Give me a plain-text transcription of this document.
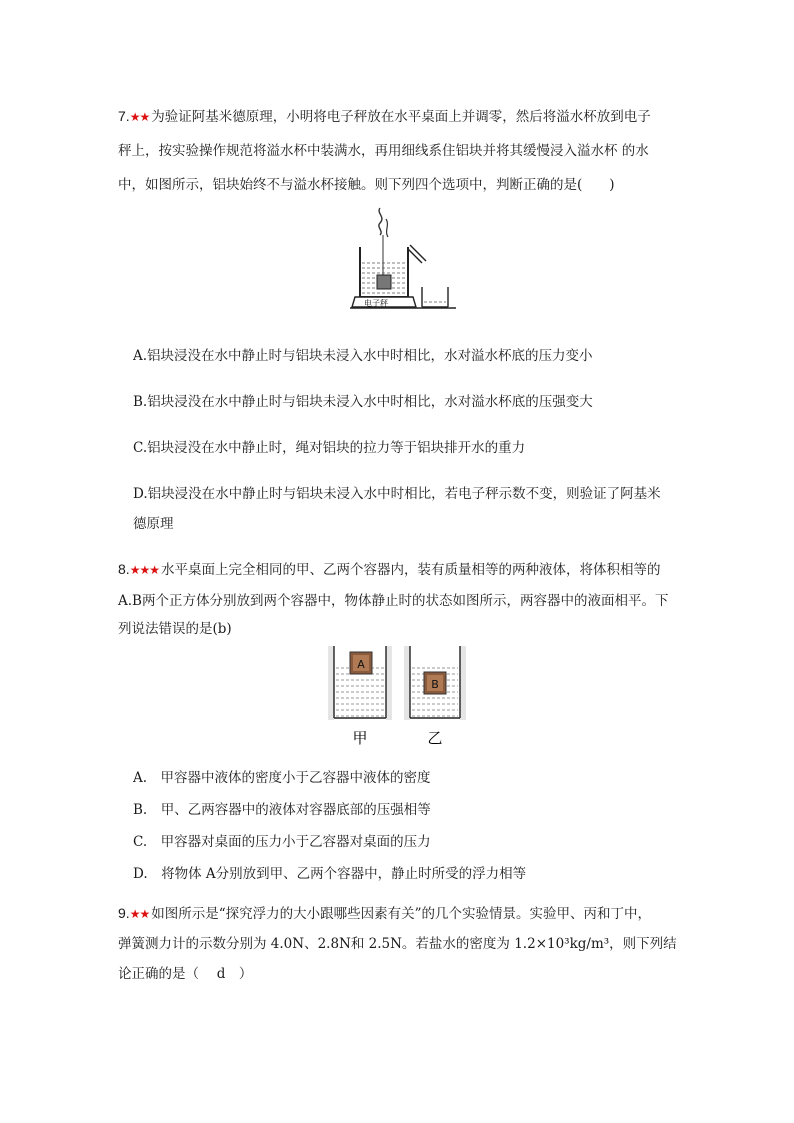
7.★★ 为验证阿基米德原理，小明将电子秤放在水平桌面上并调零，然后将溢水杯放到电子
秤上，按实验操作规范将溢水杯中装满水，再用细线系住铝块并将其缓慢浸入溢水杯 的水
中，如图所示，铝块始终不与溢水杯接触。则下列四个选项中，判断正确的是(　　)
电子秤
A.铝块浸没在水中静止时与铝块未浸入水中时相比，水对溢水杯底的压力变小
B.铝块浸没在水中静止时与铝块未浸入水中时相比，水对溢水杯底的压强变大
C.铝块浸没在水中静止时，绳对铝块的拉力等于铝块排开水的重力
D.铝块浸没在水中静止时与铝块未浸入水中时相比，若电子秤示数不变，则验证了阿基米
德原理
8.★★★ 水平桌面上完全相同的甲、乙两个容器内，装有质量相等的两种液体，将体积相等的
A.B两个正方体分别放到两个容器中，物体静止时的状态如图所示，两容器中的液面相平。下
列说法错误的是(b)
A
B
甲	乙
A.　甲容器中液体的密度小于乙容器中液体的密度
B.　甲、乙两容器中的液体对容器底部的压强相等
C.　甲容器对桌面的压力小于乙容器对桌面的压力
D.　将物体 A分别放到甲、乙两个容器中，静止时所受的浮力相等
9.★★ 如图所示是“探究浮力的大小跟哪些因素有关”的几个实验情景。实验甲、丙和丁中，
弹簧测力计的示数分别为 4.0N、2.8N和 2.5N。若盐水的密度为 1.2×10³kg/m³，则下列结
论正确的是（　 d　）
